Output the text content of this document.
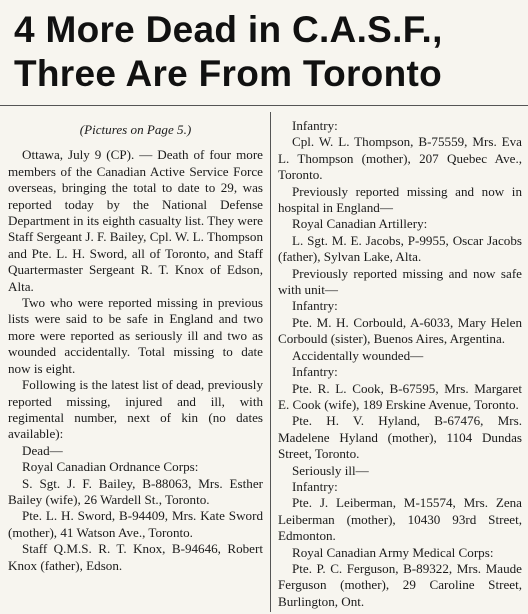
4 More Dead in C.A.S.F.,
Three Are From Toronto

(Pictures on Page 5.)

Ottawa, July 9 (CP). — Death of four more members of the Canadian Active Service Force overseas, bringing the total to date to 29, was reported today by the National Defense Department in its eighth casualty list. They were Staff Sergeant J. F. Bailey, Cpl. W. L. Thompson and Pte. L. H. Sword, all of Toronto, and Staff Quartermaster Sergeant R. T. Knox of Edson, Alta.

Two who were reported missing in previous lists were said to be safe in England and two more were reported as seriously ill and two as wounded accidentally. Total missing to date now is eight.

Following is the latest list of dead, previously reported missing, injured and ill, with regimental number, next of kin (no dates available):

Dead—

Royal Canadian Ordnance Corps:

S. Sgt. J. F. Bailey, B-88063, Mrs. Esther Bailey (wife), 26 Wardell St., Toronto.

Pte. L. H. Sword, B-94409, Mrs. Kate Sword (mother), 41 Watson Ave., Toronto.

Staff Q.M.S. R. T. Knox, B-94646, Robert Knox (father), Edson.

Infantry:

Cpl. W. L. Thompson, B-75559, Mrs. Eva L. Thompson (mother), 207 Quebec Ave., Toronto.

Previously reported missing and now in hospital in England—

Royal Canadian Artillery:

L. Sgt. M. E. Jacobs, P-9955, Oscar Jacobs (father), Sylvan Lake, Alta.

Previously reported missing and now safe with unit—

Infantry:

Pte. M. H. Corbould, A-6033, Mary Helen Corbould (sister), Buenos Aires, Argentina.

Accidentally wounded—

Infantry:

Pte. R. L. Cook, B-67595, Mrs. Margaret E. Cook (wife), 189 Erskine Avenue, Toronto.

Pte. H. V. Hyland, B-67476, Mrs. Madelene Hyland (mother), 1104 Dundas Street, Toronto.

Seriously ill—

Infantry:

Pte. J. Leiberman, M-15574, Mrs. Zena Leiberman (mother), 10430 93rd Street, Edmonton.

Royal Canadian Army Medical Corps:

Pte. P. C. Ferguson, B-89322, Mrs. Maude Ferguson (mother), 29 Caroline Street, Burlington, Ont.
